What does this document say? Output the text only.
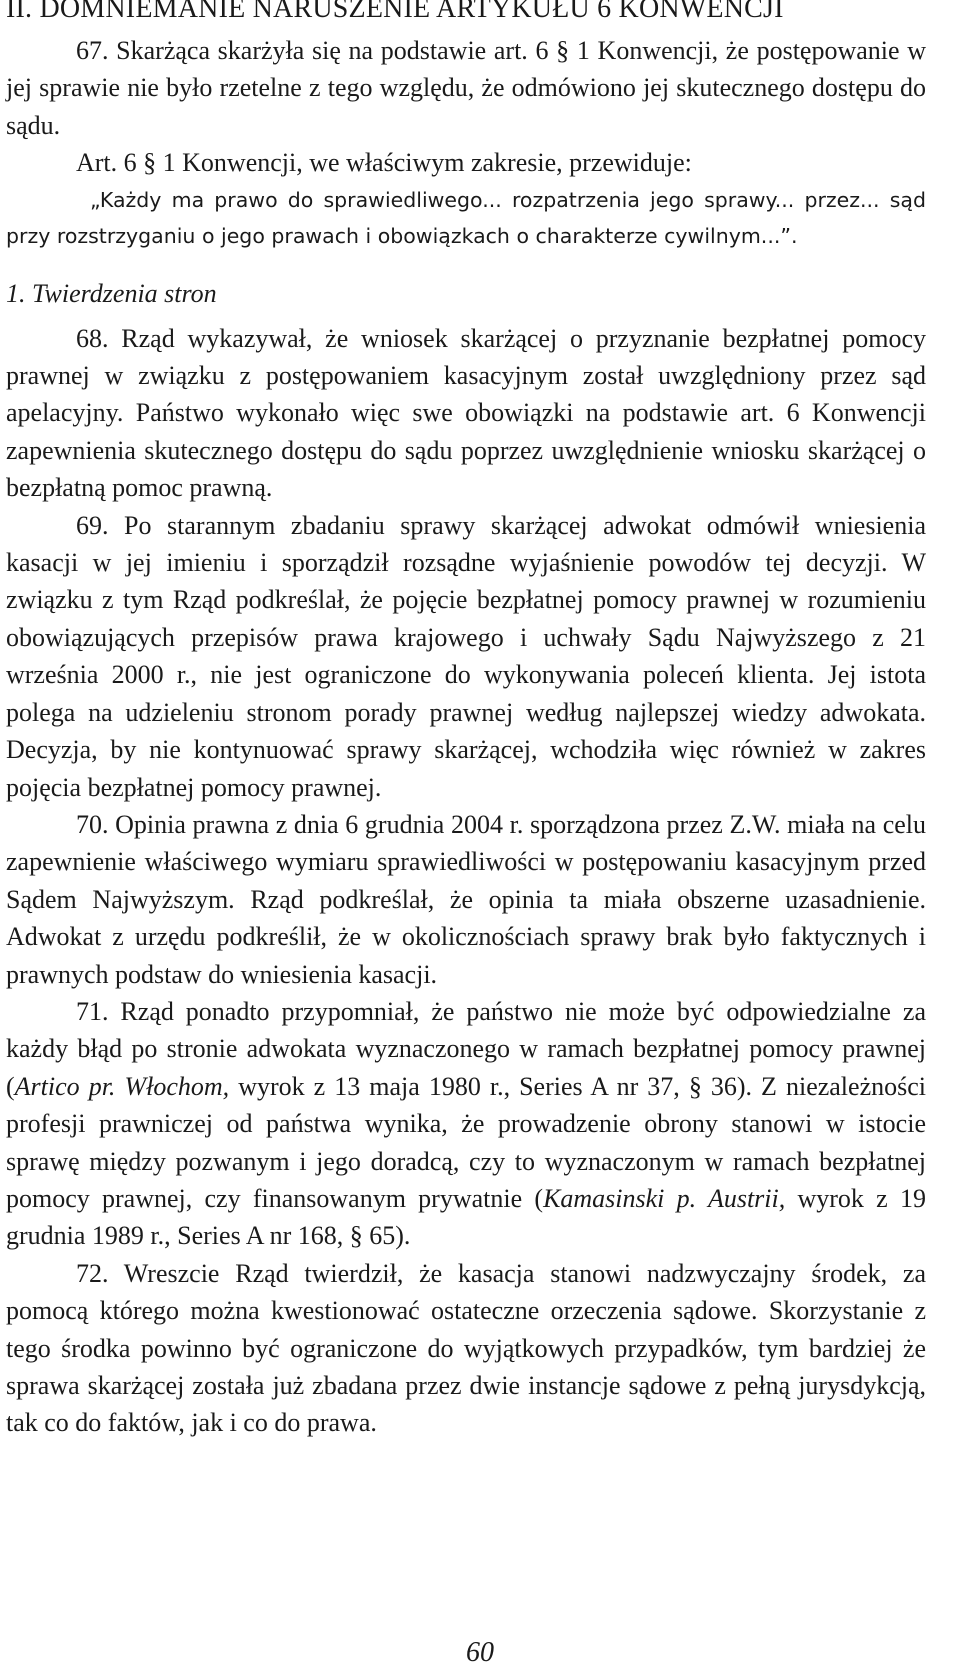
II. DOMNIEMANIE NARUSZENIE ARTYKUŁU 6 KONWENCJI

67. Skarżąca skarżyła się na podstawie art. 6 § 1 Konwencji, że postępowanie w jej sprawie nie było rzetelne z tego względu, że odmówiono jej skutecznego dostępu do sądu.

Art. 6 § 1 Konwencji, we właściwym zakresie, przewiduje:

„Każdy ma prawo do sprawiedliwego... rozpatrzenia jego sprawy... przez... sąd przy rozstrzyganiu o jego prawach i obowiązkach o charakterze cywilnym...”.

1. Twierdzenia stron

68. Rząd wykazywał, że wniosek skarżącej o przyznanie bezpłatnej pomocy prawnej w związku z postępowaniem kasacyjnym został uwzględniony przez sąd apelacyjny. Państwo wykonało więc swe obowiązki na podstawie art. 6 Konwencji zapewnienia skutecznego dostępu do sądu poprzez uwzględnienie wniosku skarżącej o bezpłatną pomoc prawną.

69. Po starannym zbadaniu sprawy skarżącej adwokat odmówił wniesienia kasacji w jej imieniu i sporządził rozsądne wyjaśnienie powodów tej decyzji. W związku z tym Rząd podkreślał, że pojęcie bezpłatnej pomocy prawnej w rozumieniu obowiązujących przepisów prawa krajowego i uchwały Sądu Najwyższego z 21 września 2000 r., nie jest ograniczone do wykonywania poleceń klienta. Jej istota polega na udzieleniu stronom porady prawnej według najlepszej wiedzy adwokata. Decyzja, by nie kontynuować sprawy skarżącej, wchodziła więc również w zakres pojęcia bezpłatnej pomocy prawnej.

70. Opinia prawna z dnia 6 grudnia 2004 r. sporządzona przez Z.W. miała na celu zapewnienie właściwego wymiaru sprawiedliwości w postępowaniu kasacyjnym przed Sądem Najwyższym. Rząd podkreślał, że opinia ta miała obszerne uzasadnienie. Adwokat z urzędu podkreślił, że w okolicznościach sprawy brak było faktycznych i prawnych podstaw do wniesienia kasacji.

71. Rząd ponadto przypomniał, że państwo nie może być odpowiedzialne za każdy błąd po stronie adwokata wyznaczonego w ramach bezpłatnej pomocy prawnej (Artico pr. Włochom, wyrok z 13 maja 1980 r., Series A nr 37, § 36). Z niezależności profesji prawniczej od państwa wynika, że prowadzenie obrony stanowi w istocie sprawę między pozwanym i jego doradcą, czy to wyznaczonym w ramach bezpłatnej pomocy prawnej, czy finansowanym prywatnie (Kamasinski p. Austrii, wyrok z 19 grudnia 1989 r., Series A nr 168, § 65).

72. Wreszcie Rząd twierdził, że kasacja stanowi nadzwyczajny środek, za pomocą którego można kwestionować ostateczne orzeczenia sądowe. Skorzystanie z tego środka powinno być ograniczone do wyjątkowych przypadków, tym bardziej że sprawa skarżącej została już zbadana przez dwie instancje sądowe z pełną jurysdykcją, tak co do faktów, jak i co do prawa.

60
